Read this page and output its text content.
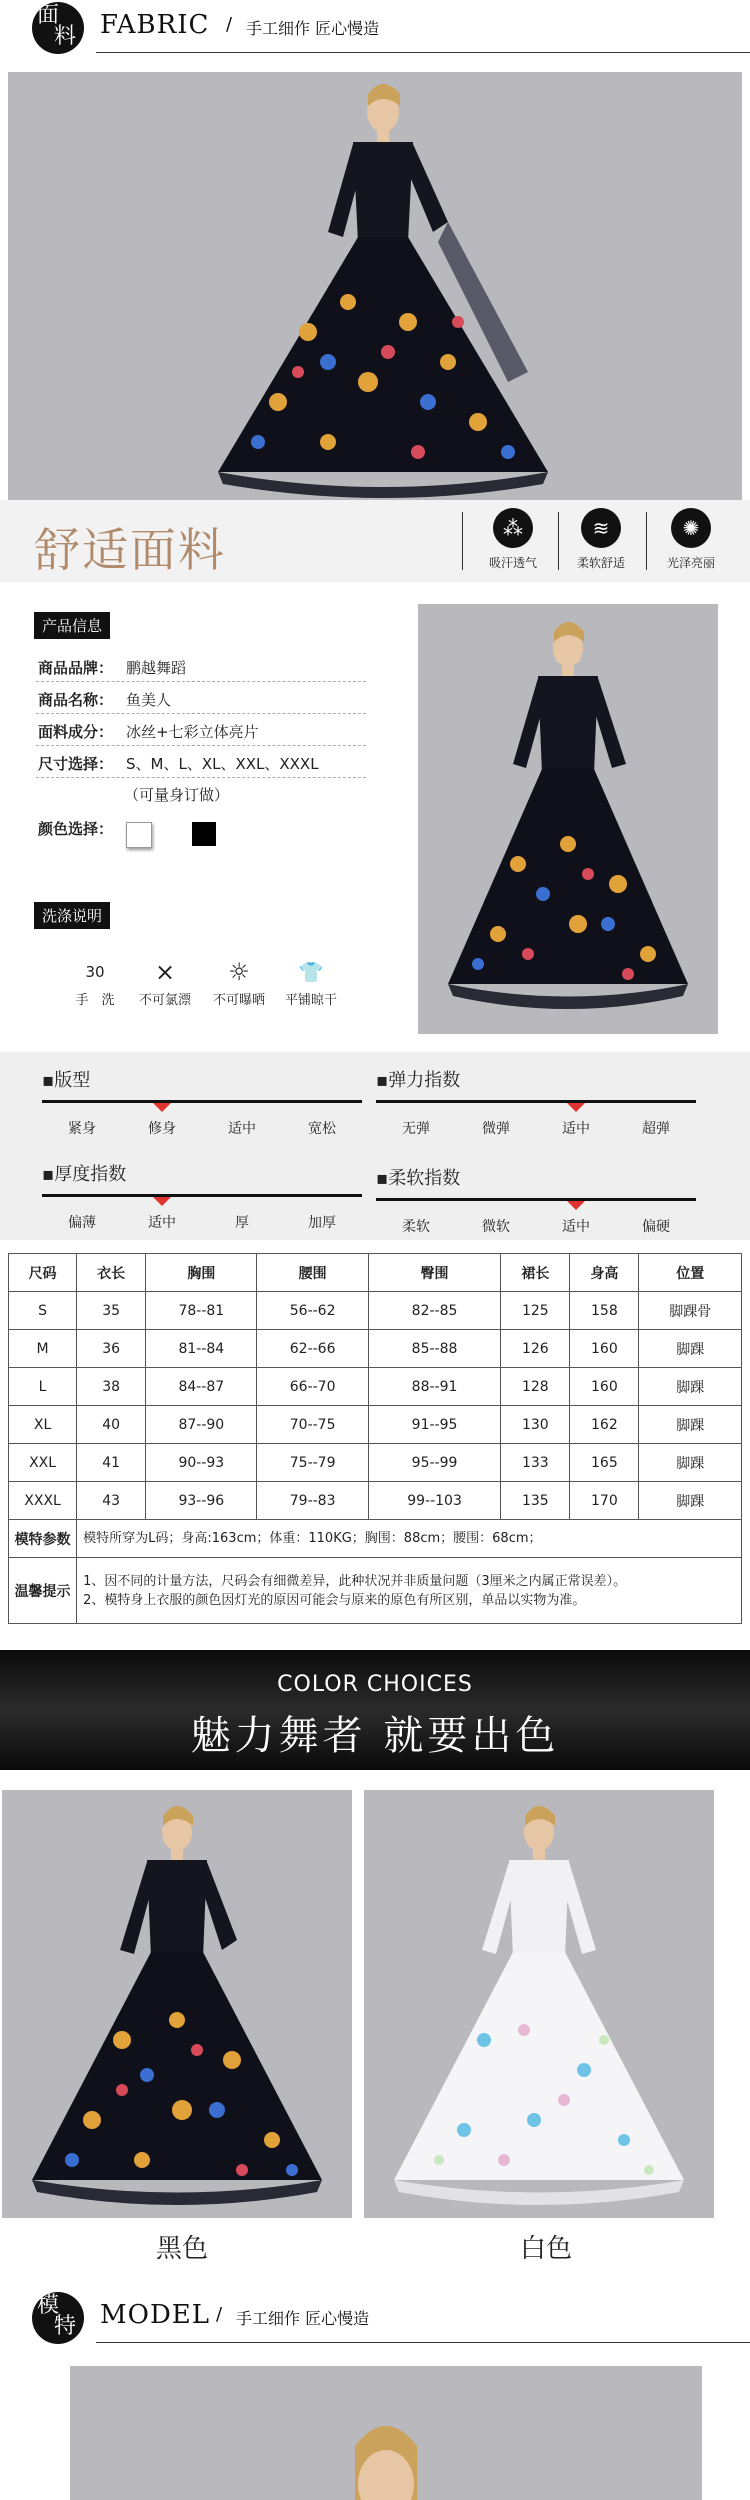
面
料 FABRIC / 手工细作 匠心慢造
舒适面料	⁂
吸汗透气
≋
柔软舒适
✺
光泽亮丽
产品信息
商品品牌： 鹏越舞蹈
商品名称： 鱼美人
面料成分： 冰丝+七彩立体亮片
尺寸选择： S、M、L、XL、XXL、XXXL
（可量身订做）
颜色选择：
洗涤说明
30
手　洗
⨯
不可氯漂
☼
不可曝晒
👕
平铺晾干
▪版型
紧身	修身	适中	宽松
▪弹力指数
无弹	微弹	适中	超弹
▪厚度指数
偏薄	适中	厚	加厚
▪柔软指数
柔软	微软	适中	偏硬
尺码	衣长	胸围	腰围	臀围	裙长	身高	位置
S	35	78--81	56--62	82--85	125	158	脚踝骨
M	36	81--84	62--66	85--88	126	160	脚踝
L	38	84--87	66--70	88--91	128	160	脚踝
XL	40	87--90	70--75	91--95	130	162	脚踝
XXL	41	90--93	75--79	95--99	133	165	脚踝
XXXL	43	93--96	79--83	99--103	135	170	脚踝
模特参数	模特所穿为L码；身高:163cm；体重：110KG；胸围：88cm；腰围：68cm；						
温馨提示	1、因不同的计量方法，尺码会有细微差异，此种状况并非质量问题（3厘米之内属正常误差）。
2、模特身上衣服的颜色因灯光的原因可能会与原来的原色有所区别，单品以实物为准。						
COLOR CHOICES
魅力舞者 就要出色
黑色	白色
模
特 MODEL / 手工细作 匠心慢造
